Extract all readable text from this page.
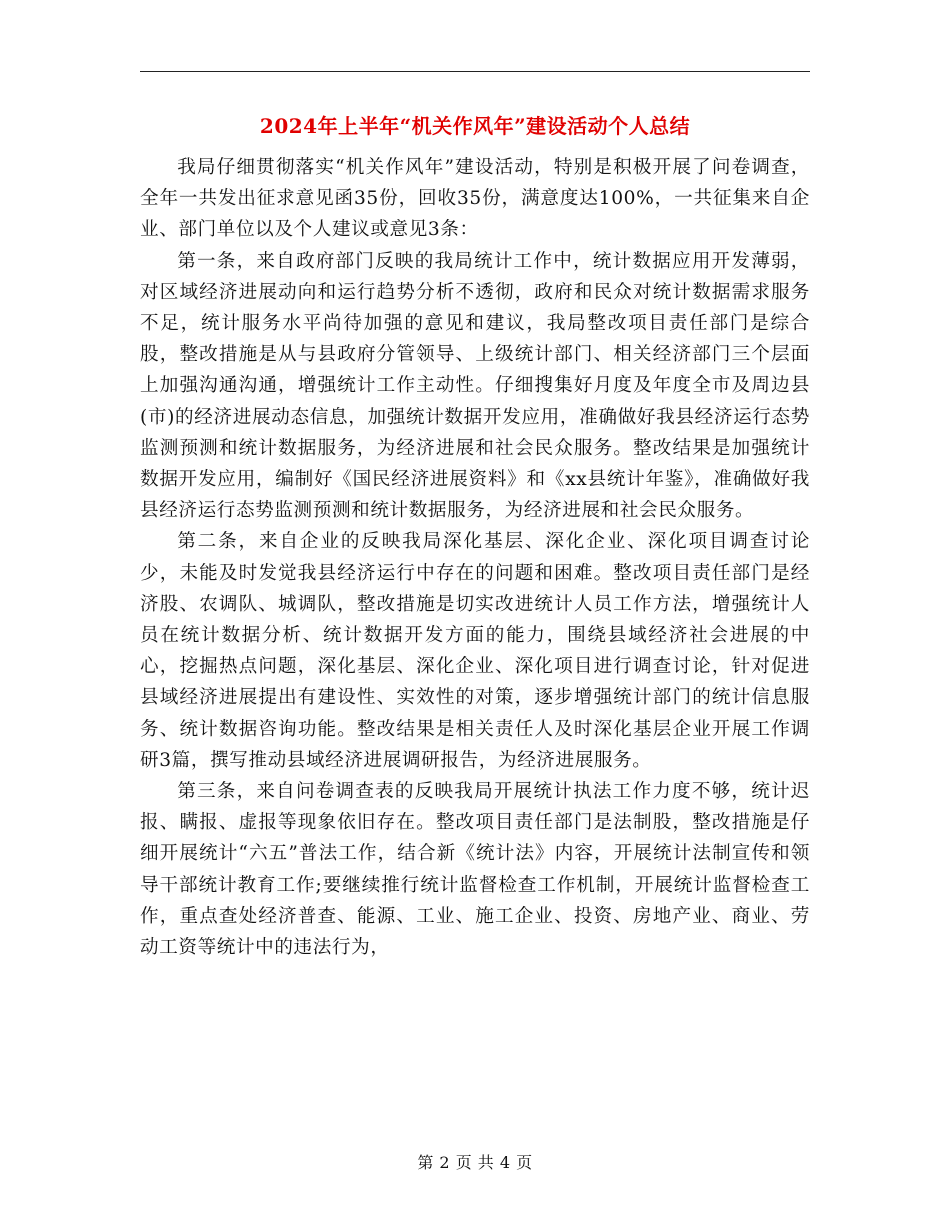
2024年上半年“机关作风年”建设活动个人总结

我局仔细贯彻落实“机关作风年”建设活动，特别是积极开展了问卷调查，全年一共发出征求意见函35份，回收35份，满意度达100%，一共征集来自企业、部门单位以及个人建议或意见3条：

第一条，来自政府部门反映的我局统计工作中，统计数据应用开发薄弱，对区域经济进展动向和运行趋势分析不透彻，政府和民众对统计数据需求服务不足，统计服务水平尚待加强的意见和建议，我局整改项目责任部门是综合股，整改措施是从与县政府分管领导、上级统计部门、相关经济部门三个层面上加强沟通沟通，增强统计工作主动性。仔细搜集好月度及年度全市及周边县(市)的经济进展动态信息，加强统计数据开发应用，准确做好我县经济运行态势监测预测和统计数据服务，为经济进展和社会民众服务。整改结果是加强统计数据开发应用，编制好《国民经济进展资料》和《xx县统计年鉴》，准确做好我县经济运行态势监测预测和统计数据服务，为经济进展和社会民众服务。

第二条，来自企业的反映我局深化基层、深化企业、深化项目调查讨论少，未能及时发觉我县经济运行中存在的问题和困难。整改项目责任部门是经济股、农调队、城调队，整改措施是切实改进统计人员工作方法，增强统计人员在统计数据分析、统计数据开发方面的能力，围绕县域经济社会进展的中心，挖掘热点问题，深化基层、深化企业、深化项目进行调查讨论，针对促进县域经济进展提出有建设性、实效性的对策，逐步增强统计部门的统计信息服务、统计数据咨询功能。整改结果是相关责任人及时深化基层企业开展工作调研3篇，撰写推动县域经济进展调研报告，为经济进展服务。

第三条，来自问卷调查表的反映我局开展统计执法工作力度不够，统计迟报、瞒报、虚报等现象依旧存在。整改项目责任部门是法制股，整改措施是仔细开展统计“六五”普法工作，结合新《统计法》内容，开展统计法制宣传和领导干部统计教育工作;要继续推行统计监督检查工作机制，开展统计监督检查工作，重点查处经济普查、能源、工业、施工企业、投资、房地产业、商业、劳动工资等统计中的违法行为，

第 2 页 共 4 页
